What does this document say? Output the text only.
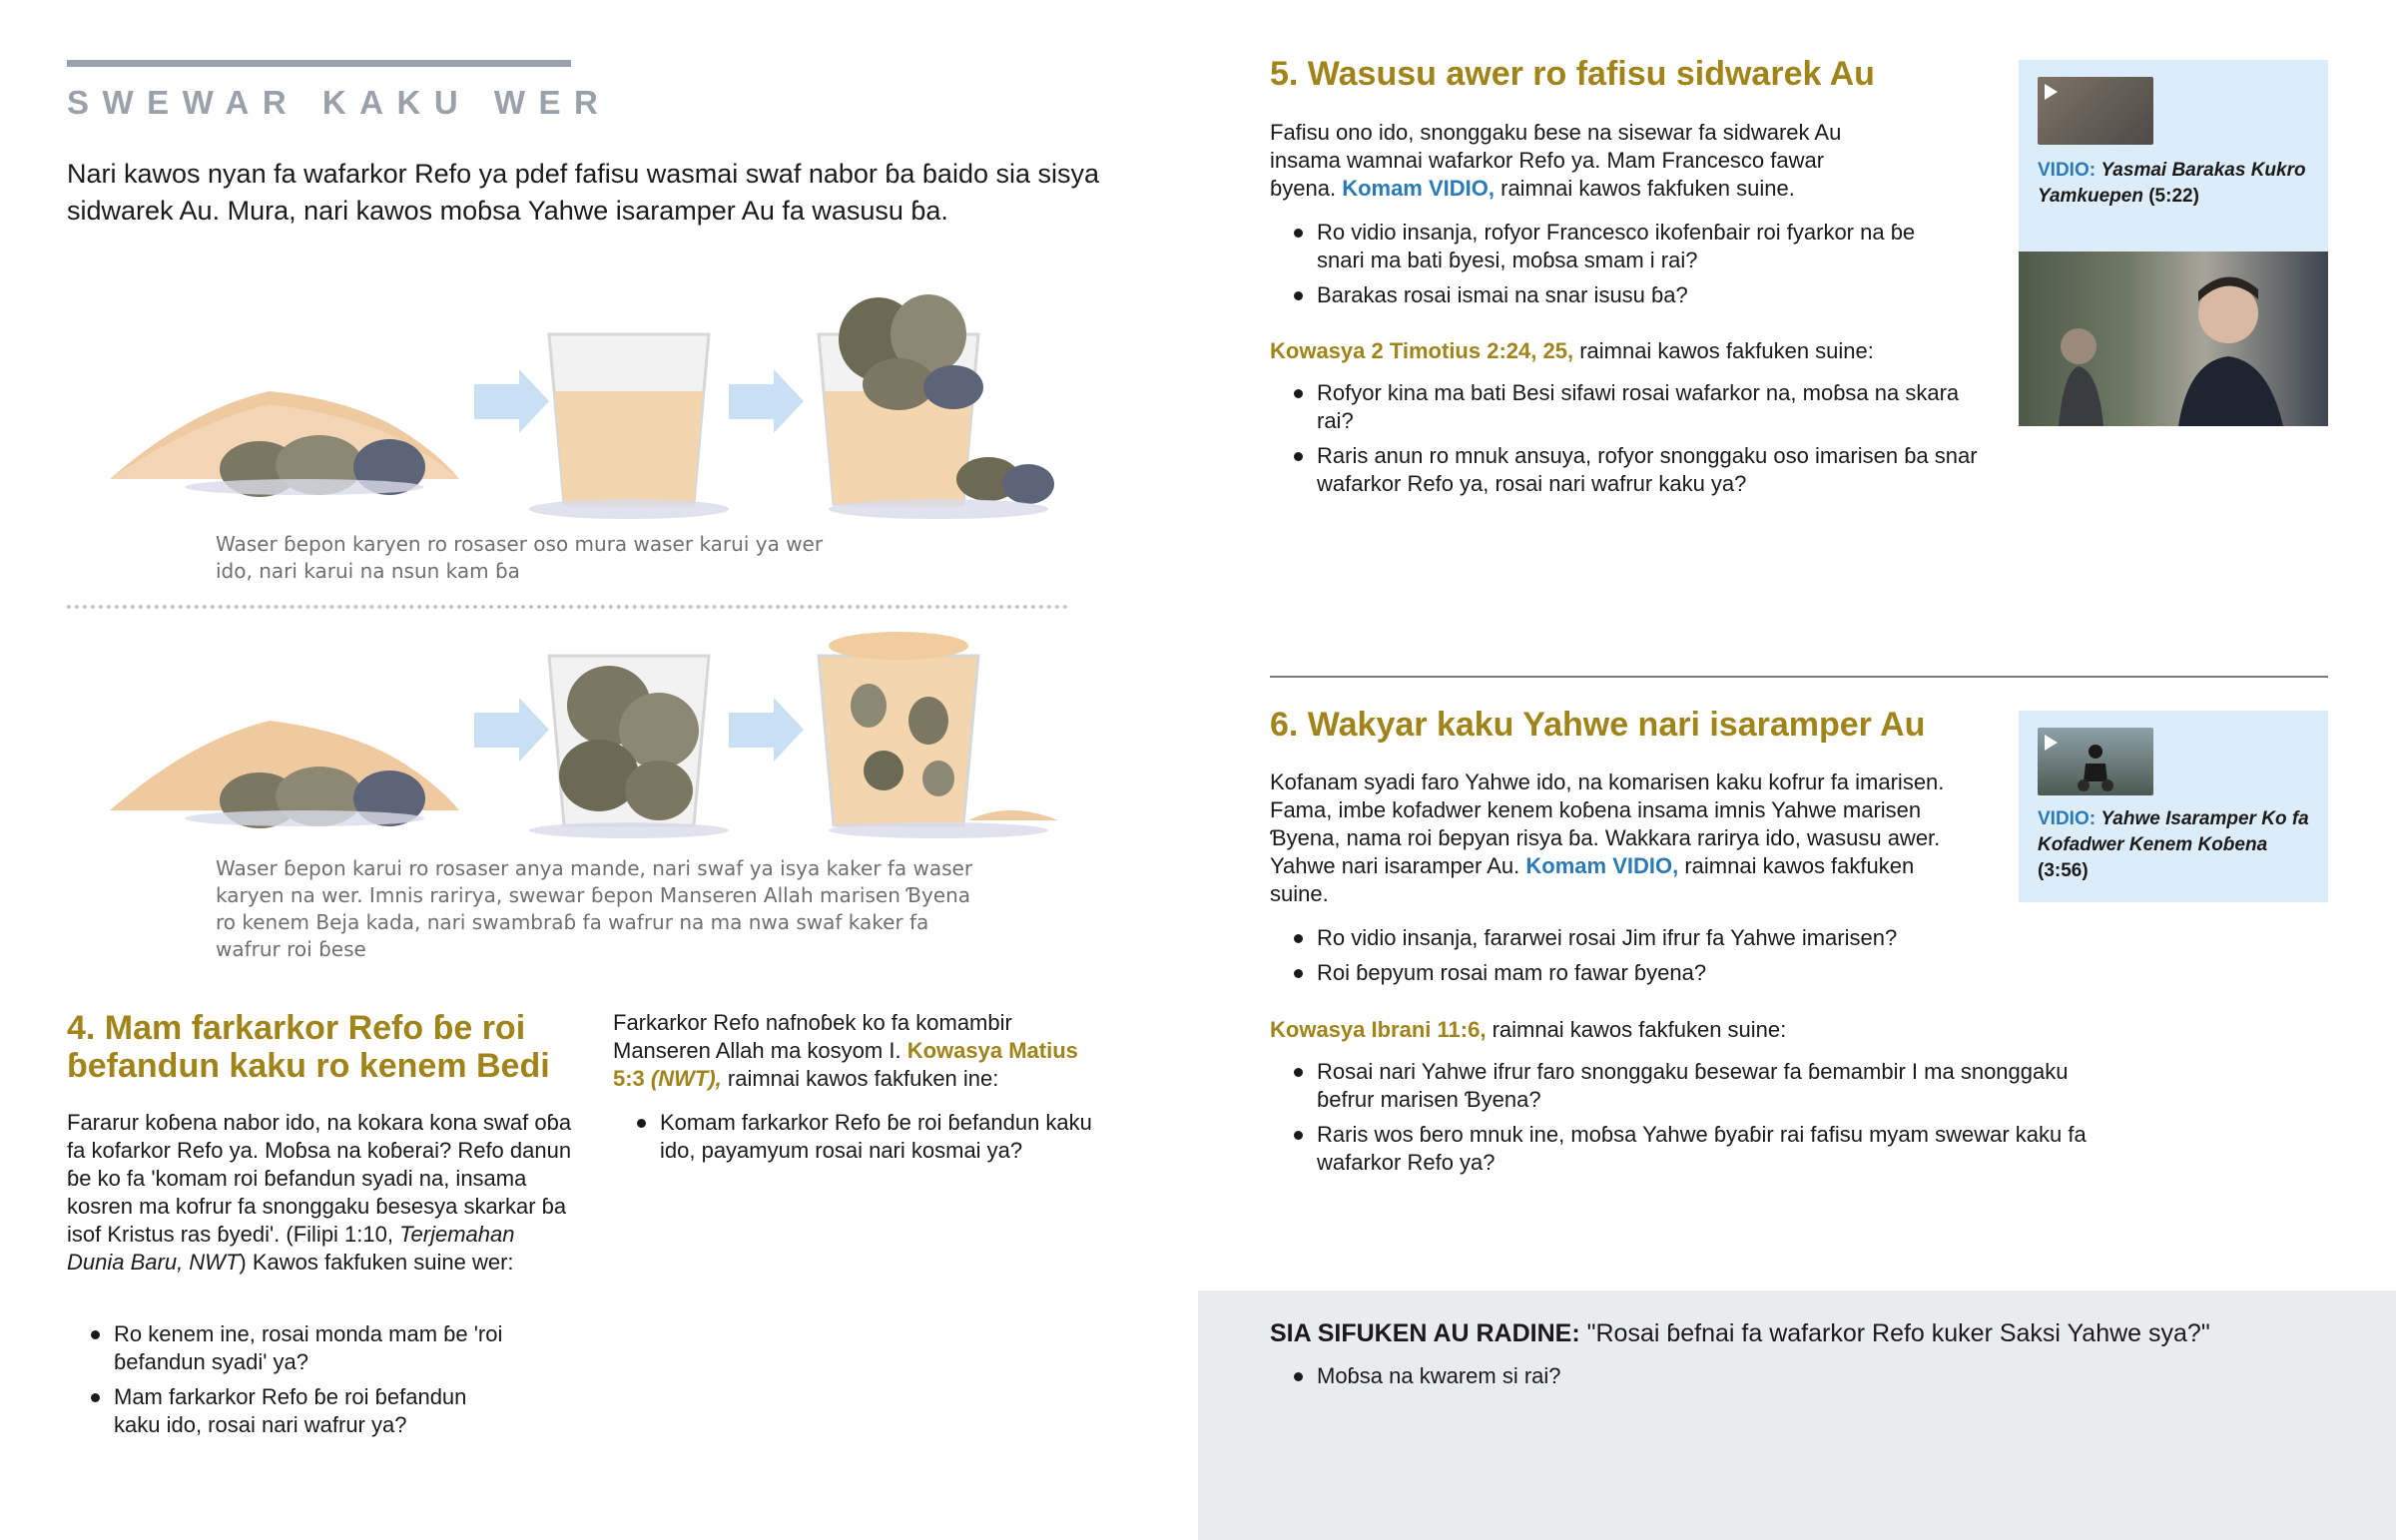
SWEWAR KAKU WER
Nari kawos nyan fa wafarkor Refo ya pdef fafisu wasmai swaf nabor ɓa ɓaido sia sisya sidwarek Au. Mura, nari kawos moɓsa Yahwe isaramper Au fa wasusu ɓa.
Waser ɓepon karyen ro rosaser oso mura waser karui ya wer ido, nari karui na nsun kam ɓa
Waser ɓepon karui ro rosaser anya mande, nari swaf ya isya kaker fa waser karyen na wer. Imnis rarirya, swewar ɓepon Manseren Allah marisen Ɓyena ro kenem Beja kada, nari swambraɓ fa wafrur na ma nwa swaf kaker fa wafrur roi ɓese
4. Mam farkarkor Refo ɓe roi ɓefandun kaku ro kenem Bedi
Fararur koɓena nabor ido, na kokara kona swaf oɓa fa kofarkor Refo ya. Moɓsa na koɓerai? Refo danun ɓe ko fa 'komam roi ɓefandun syadi na, insama kosren ma kofrur fa snonggaku ɓesesya skarkar ɓa isof Kristus ras ɓyedi'. (Filipi 1:10, Terjemahan Dunia Baru, NWT) Kawos fakfuken suine wer:
Ro kenem ine, rosai monda mam ɓe 'roi ɓefandun syadi' ya?
Mam farkarkor Refo ɓe roi ɓefandun kaku ido, rosai nari wafrur ya?
Farkarkor Refo nafnoɓek ko fa komambir Manseren Allah ma kosyom I. Kowasya Matius 5:3 (NWT), raimnai kawos fakfuken ine:
Komam farkarkor Refo ɓe roi ɓefandun kaku ido, payamyum rosai nari kosmai ya?
5. Wasusu awer ro fafisu sidwarek Au
Fafisu ono ido, snonggaku ɓese na sisewar fa sidwarek Au insama wamnai wafarkor Refo ya. Mam Francesco fawar ɓyena. Komam VIDIO, raimnai kawos fakfuken suine.
Ro vidio insanja, rofyor Francesco ikofenɓair roi fyarkor na ɓe snari ma bati ɓyesi, moɓsa smam i rai?
Barakas rosai ismai na snar isusu ɓa?
Kowasya 2 Timotius 2:24, 25, raimnai kawos fakfuken suine:
Rofyor kina ma bati Besi sifawi rosai wafarkor na, moɓsa na skara rai?
Raris anun ro mnuk ansuya, rofyor snonggaku oso imarisen ɓa snar wafarkor Refo ya, rosai nari wafrur kaku ya?
VIDIO: Yasmai Barakas Kukro Yamkuepen (5:22)
6. Wakyar kaku Yahwe nari isaramper Au
Kofanam syadi faro Yahwe ido, na komarisen kaku kofrur fa imarisen. Fama, imbe kofadwer kenem koɓena insama imnis Yahwe marisen Ɓyena, nama roi ɓepyan risya ɓa. Wakkara rarirya ido, wasusu awer. Yahwe nari isaramper Au. Komam VIDIO, raimnai kawos fakfuken suine.
Ro vidio insanja, fararwei rosai Jim ifrur fa Yahwe imarisen?
Roi ɓepyum rosai mam ro fawar ɓyena?
Kowasya Ibrani 11:6, raimnai kawos fakfuken suine:
Rosai nari Yahwe ifrur faro snonggaku ɓesewar fa ɓemambir I ma snonggaku ɓefrur marisen Ɓyena?
Raris wos ɓero mnuk ine, moɓsa Yahwe ɓyaɓir rai fafisu myam swewar kaku fa wafarkor Refo ya?
VIDIO: Yahwe Isaramper Ko fa Kofadwer Kenem Koɓena (3:56)
SIA SIFUKEN AU RADINE: "Rosai ɓefnai fa wafarkor Refo kuker Saksi Yahwe sya?"
Moɓsa na kwarem si rai?
